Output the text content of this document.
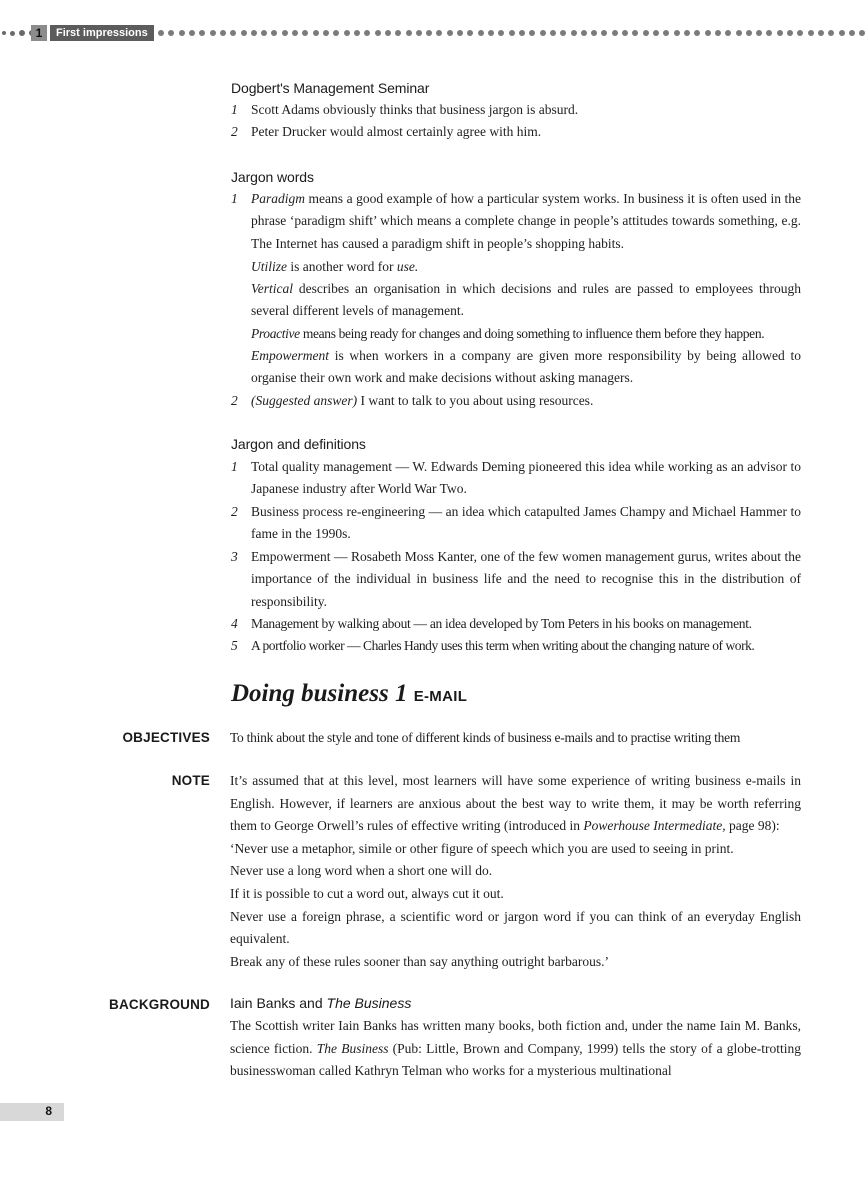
1	First impressions
Dogbert's Management Seminar
1 Scott Adams obviously thinks that business jargon is absurd.
2 Peter Drucker would almost certainly agree with him.
Jargon words
1 Paradigm means a good example of how a particular system works. In business it is often used in the phrase ‘paradigm shift’ which means a complete change in people’s attitudes towards something, e.g. The Internet has caused a paradigm shift in people’s shopping habits.
Utilize is another word for use.
Vertical describes an organisation in which decisions and rules are passed to employees through several different levels of management.
Proactive means being ready for changes and doing something to influence them before they happen.
Empowerment is when workers in a company are given more responsibility by being allowed to organise their own work and make decisions without asking managers.
2 (Suggested answer) I want to talk to you about using resources.
Jargon and definitions
1 Total quality management — W. Edwards Deming pioneered this idea while working as an advisor to Japanese industry after World War Two.
2 Business process re-engineering — an idea which catapulted James Champy and Michael Hammer to fame in the 1990s.
3 Empowerment — Rosabeth Moss Kanter, one of the few women management gurus, writes about the importance of the individual in business life and the need to recognise this in the distribution of responsibility.
4 Management by walking about — an idea developed by Tom Peters in his books on management.
5 A portfolio worker — Charles Handy uses this term when writing about the changing nature of work.
Doing business 1 E-MAIL
OBJECTIVES To think about the style and tone of different kinds of business e-mails and to practise writing them
NOTE It’s assumed that at this level, most learners will have some experience of writing business e-mails in English. However, if learners are anxious about the best way to write them, it may be worth referring them to George Orwell’s rules of effective writing (introduced in Powerhouse Intermediate, page 98):
‘Never use a metaphor, simile or other figure of speech which you are used to seeing in print.
Never use a long word when a short one will do.
If it is possible to cut a word out, always cut it out.
Never use a foreign phrase, a scientific word or jargon word if you can think of an everyday English equivalent.
Break any of these rules sooner than say anything outright barbarous.’
BACKGROUND Iain Banks and The Business
The Scottish writer Iain Banks has written many books, both fiction and, under the name Iain M. Banks, science fiction. The Business (Pub: Little, Brown and Company, 1999) tells the story of a globe-trotting businesswoman called Kathryn Telman who works for a mysterious multinational
8
